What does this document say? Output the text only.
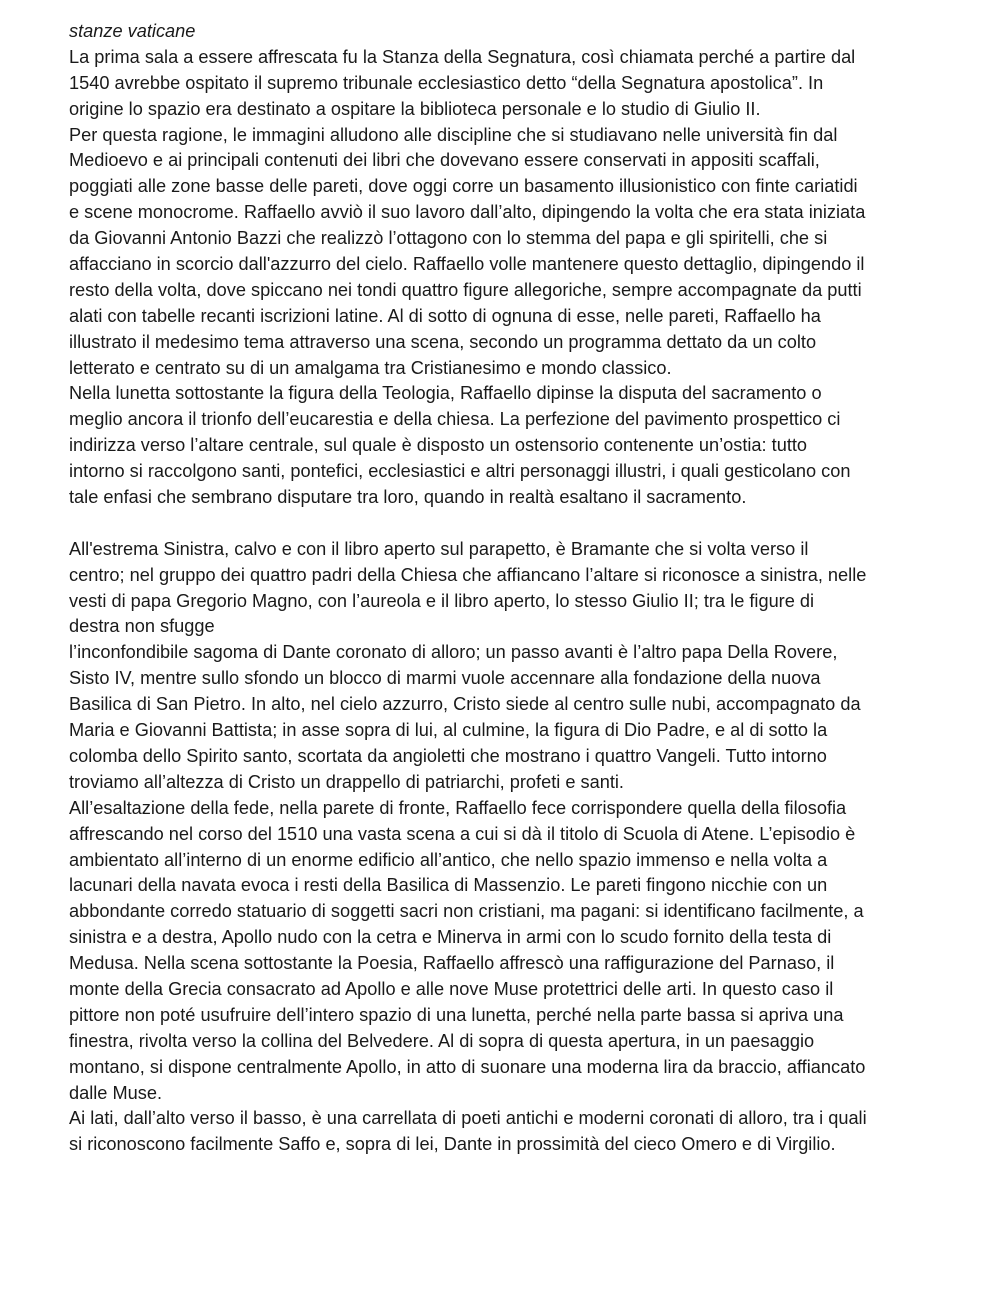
stanze vaticane
La prima sala a essere affrescata fu la Stanza della Segnatura, così chiamata perché a partire dal
1540 avrebbe ospitato il supremo tribunale ecclesiastico detto “della Segnatura apostolica”. In
origine lo spazio era destinato a ospitare la biblioteca personale e lo studio di Giulio II.
Per questa ragione, le immagini alludono alle discipline che si studiavano nelle università fin dal
Medioevo e ai principali contenuti dei libri che dovevano essere conservati in appositi scaffali,
poggiati alle zone basse delle pareti, dove oggi corre un basamento illusionistico con finte cariatidi
e scene monocrome. Raffaello avviò il suo lavoro dall’alto, dipingendo la volta che era stata iniziata
da Giovanni Antonio Bazzi che realizzò l’ottagono con lo stemma del papa e gli spiritelli, che si
affacciano in scorcio dall'azzurro del cielo. Raffaello volle mantenere questo dettaglio, dipingendo il
resto della volta, dove spiccano nei tondi quattro figure allegoriche, sempre accompagnate da putti
alati con tabelle recanti iscrizioni latine. Al di sotto di ognuna di esse, nelle pareti, Raffaello ha
illustrato il medesimo tema attraverso una scena, secondo un programma dettato da un colto
letterato e centrato su di un amalgama tra Cristianesimo e mondo classico.
Nella lunetta sottostante la figura della Teologia, Raffaello dipinse la disputa del sacramento o
meglio ancora il trionfo dell’eucarestia e della chiesa. La perfezione del pavimento prospettico ci
indirizza verso l’altare centrale, sul quale è disposto un ostensorio contenente un’ostia: tutto
intorno si raccolgono santi, pontefici, ecclesiastici e altri personaggi illustri, i quali gesticolano con
tale enfasi che sembrano disputare tra loro, quando in realtà esaltano il sacramento.
All'estrema Sinistra, calvo e con il libro aperto sul parapetto, è Bramante che si volta verso il
centro; nel gruppo dei quattro padri della Chiesa che affiancano l’altare si riconosce a sinistra, nelle
vesti di papa Gregorio Magno, con l’aureola e il libro aperto, lo stesso Giulio II; tra le figure di
destra non sfugge
l’inconfondibile sagoma di Dante coronato di alloro; un passo avanti è l’altro papa Della Rovere,
Sisto IV, mentre sullo sfondo un blocco di marmi vuole accennare alla fondazione della nuova
Basilica di San Pietro. In alto, nel cielo azzurro, Cristo siede al centro sulle nubi, accompagnato da
Maria e Giovanni Battista; in asse sopra di lui, al culmine, la figura di Dio Padre, e al di sotto la
colomba dello Spirito santo, scortata da angioletti che mostrano i quattro Vangeli. Tutto intorno
troviamo all’altezza di Cristo un drappello di patriarchi, profeti e santi.
All’esaltazione della fede, nella parete di fronte, Raffaello fece corrispondere quella della filosofia
affrescando nel corso del 1510 una vasta scena a cui si dà il titolo di Scuola di Atene. L’episodio è
ambientato all’interno di un enorme edificio all’antico, che nello spazio immenso e nella volta a
lacunari della navata evoca i resti della Basilica di Massenzio. Le pareti fingono nicchie con un
abbondante corredo statuario di soggetti sacri non cristiani, ma pagani: si identificano facilmente, a
sinistra e a destra, Apollo nudo con la cetra e Minerva in armi con lo scudo fornito della testa di
Medusa. Nella scena sottostante la Poesia, Raffaello affrescò una raffigurazione del Parnaso, il
monte della Grecia consacrato ad Apollo e alle nove Muse protettrici delle arti. In questo caso il
pittore non poté usufruire dell’intero spazio di una lunetta, perché nella parte bassa si apriva una
finestra, rivolta verso la collina del Belvedere. Al di sopra di questa apertura, in un paesaggio
montano, si dispone centralmente Apollo, in atto di suonare una moderna lira da braccio, affiancato
dalle Muse.
Ai lati, dall’alto verso il basso, è una carrellata di poeti antichi e moderni coronati di alloro, tra i quali
si riconoscono facilmente Saffo e, sopra di lei, Dante in prossimità del cieco Omero e di Virgilio.
